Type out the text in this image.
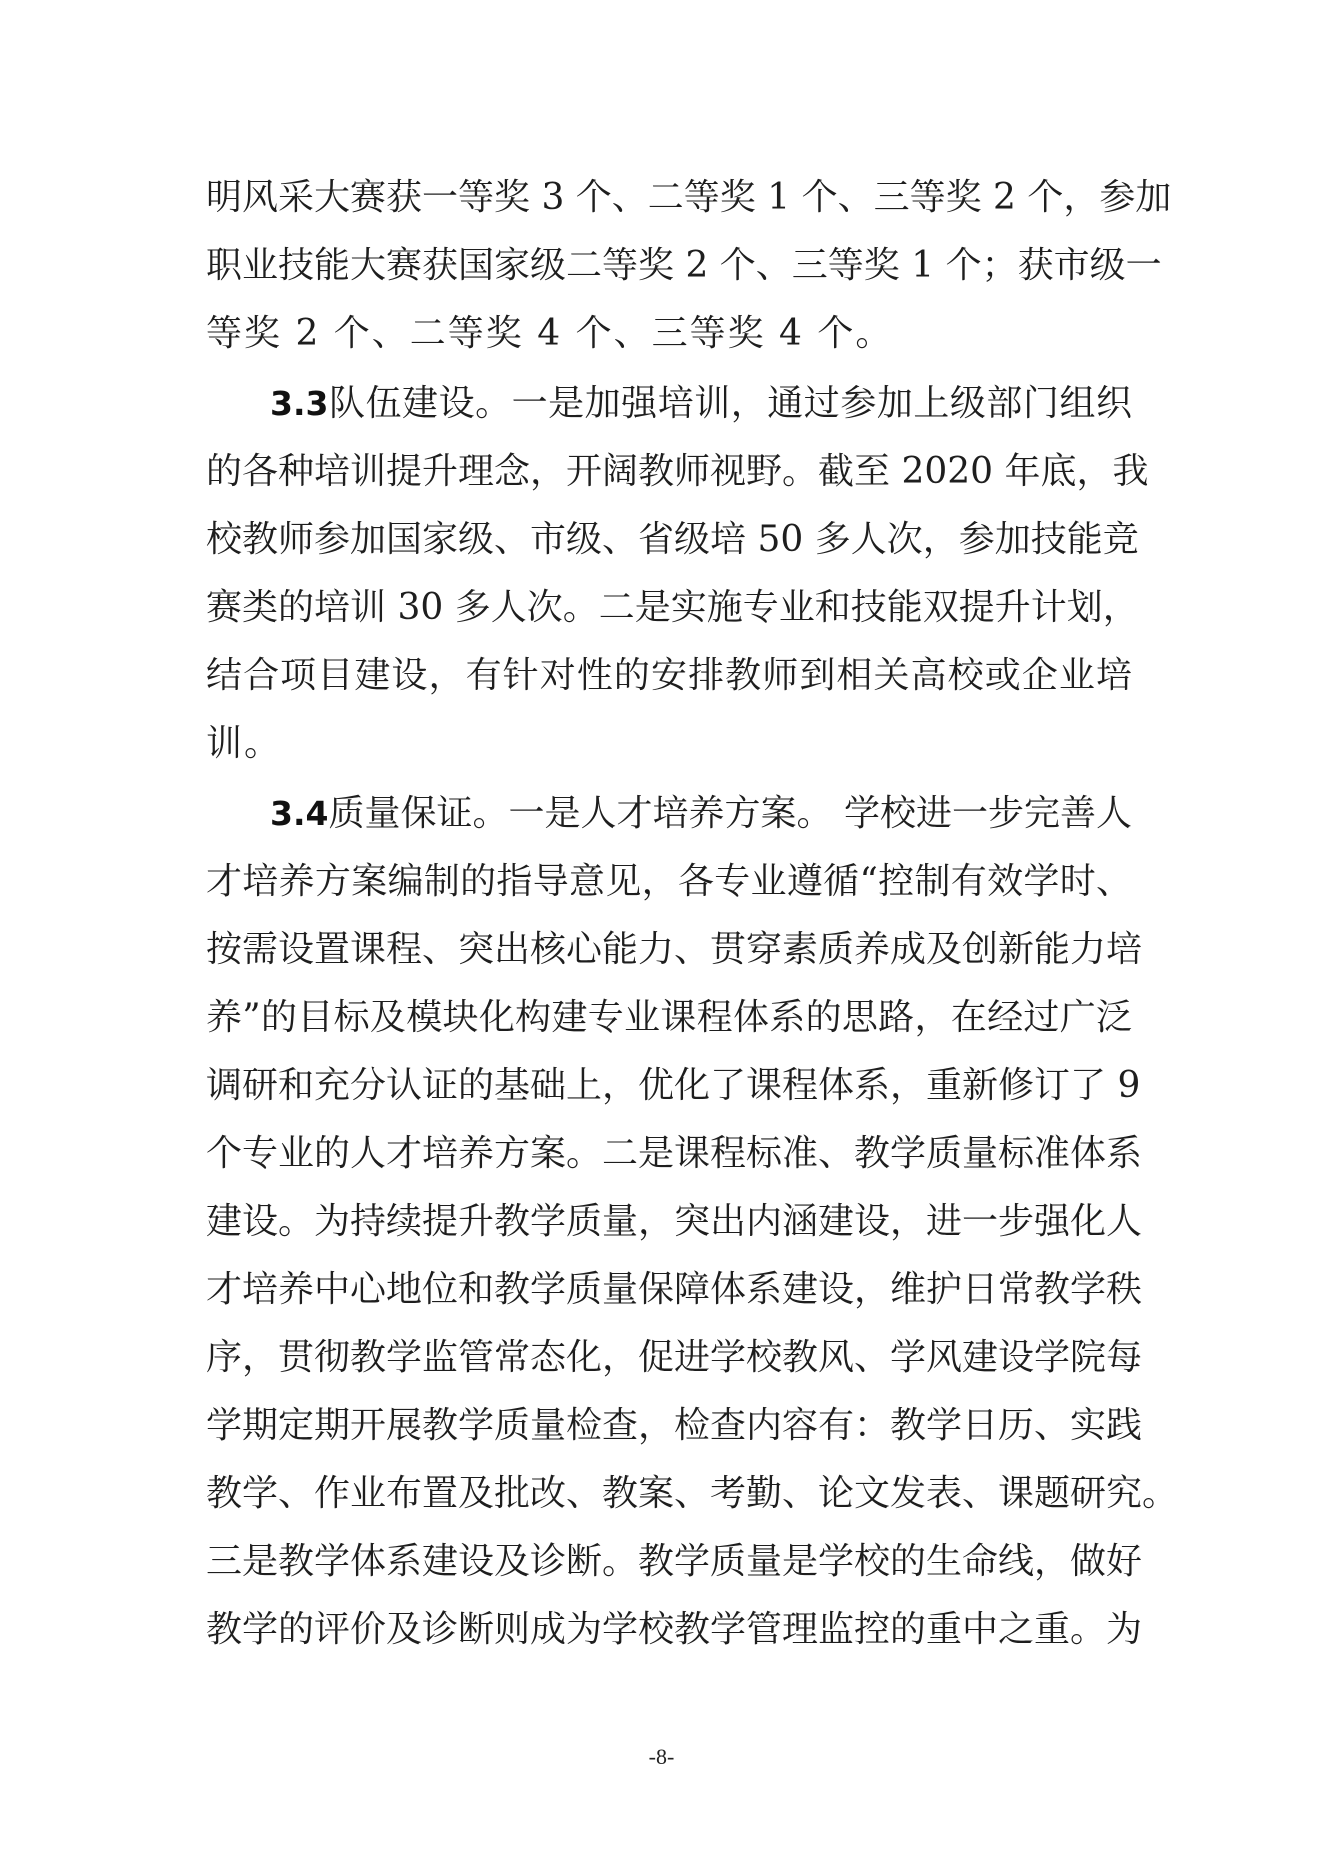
明风采大赛获一等奖 3 个、二等奖 1 个、三等奖 2 个，参加
职业技能大赛获国家级二等奖 2 个、三等奖 1 个；获市级一
等奖 2 个、二等奖 4 个、三等奖 4 个。
3.3队伍建设。一是加强培训，通过参加上级部门组织
的各种培训提升理念，开阔教师视野。截至 2020 年底，我
校教师参加国家级、市级、省级培 50 多人次，参加技能竞
赛类的培训 30 多人次。二是实施专业和技能双提升计划，
结合项目建设，有针对性的安排教师到相关高校或企业培
训。
3.4质量保证。一是人才培养方案。 学校进一步完善人
才培养方案编制的指导意见，各专业遵循“控制有效学时、
按需设置课程、突出核心能力、贯穿素质养成及创新能力培
养”的目标及模块化构建专业课程体系的思路，在经过广泛
调研和充分认证的基础上，优化了课程体系，重新修订了 9
个专业的人才培养方案。二是课程标准、教学质量标准体系
建设。为持续提升教学质量，突出内涵建设，进一步强化人
才培养中心地位和教学质量保障体系建设，维护日常教学秩
序，贯彻教学监管常态化，促进学校教风、学风建设学院每
学期定期开展教学质量检查，检查内容有：教学日历、实践
教学、作业布置及批改、教案、考勤、论文发表、课题研究。
三是教学体系建设及诊断。教学质量是学校的生命线，做好
教学的评价及诊断则成为学校教学管理监控的重中之重。为
-8-
